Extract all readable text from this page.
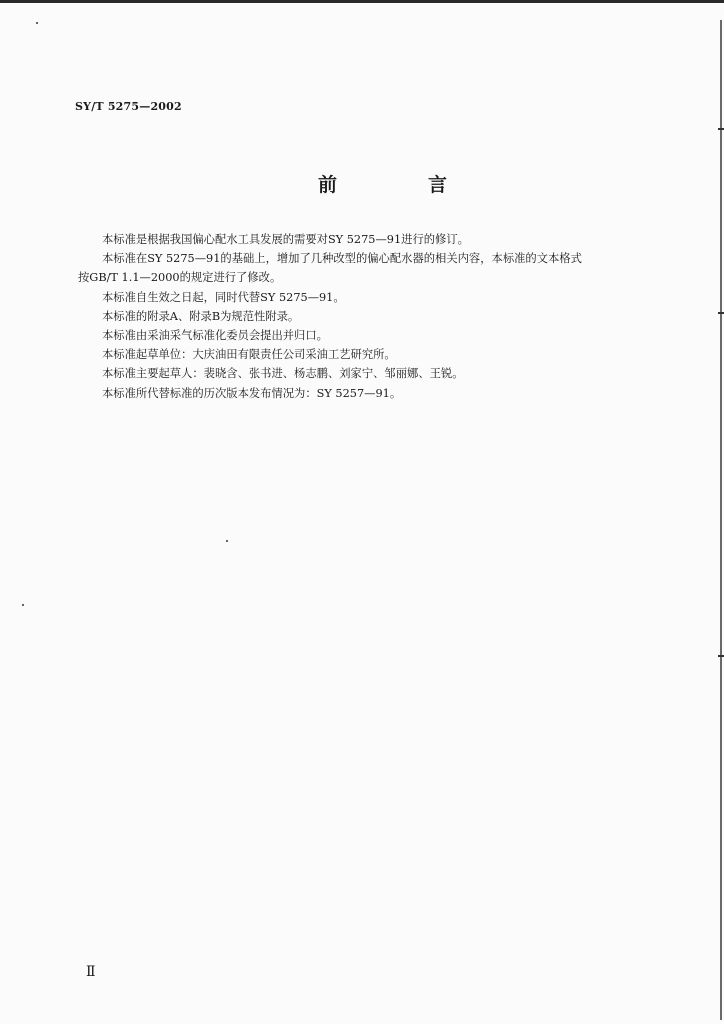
SY/T 5275—2002
前　言

本标准是根据我国偏心配水工具发展的需要对SY 5275—91进行的修订。

本标准在SY 5275—91的基础上，增加了几种改型的偏心配水器的相关内容，本标准的文本格式

按GB/T 1.1—2000的规定进行了修改。

本标准自生效之日起，同时代替SY 5275—91。

本标准的附录A、附录B为规范性附录。

本标准由采油采气标准化委员会提出并归口。

本标准起草单位：大庆油田有限责任公司采油工艺研究所。

本标准主要起草人：裴晓含、张书进、杨志鹏、刘家宁、邹丽娜、王锐。

本标准所代替标准的历次版本发布情况为：SY 5257—91。

Ⅱ
